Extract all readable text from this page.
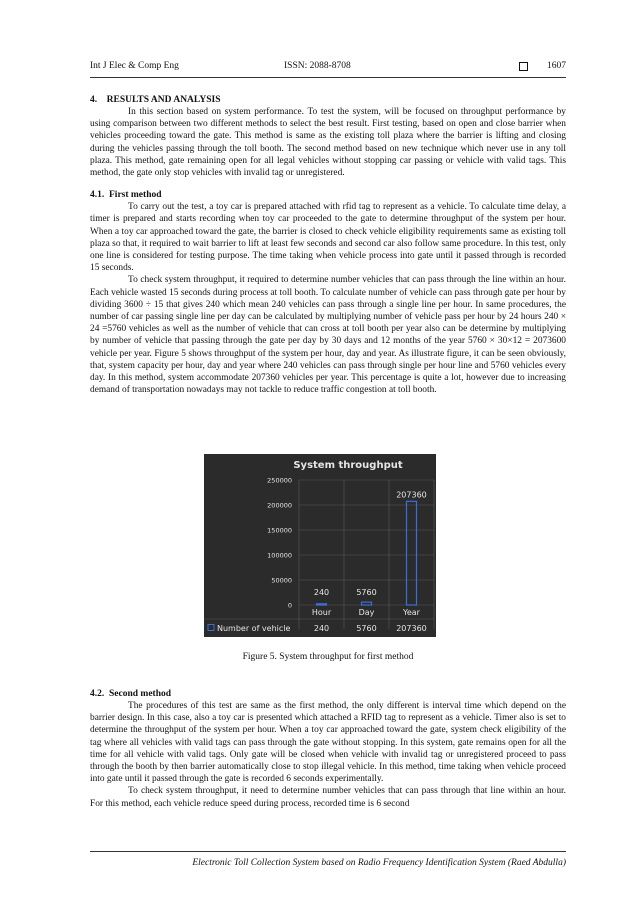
Int J Elec & Comp Eng	ISSN: 2088-8708	1607
4.    RESULTS AND ANALYSIS

In this section based on system performance. To test the system, will be focused on throughput performance by using comparison between two different methods to select the best result. First testing, based on open and close barrier when vehicles proceeding toward the gate. This method is same as the existing toll plaza where the barrier is lifting and closing during the vehicles passing through the toll booth. The second method based on new technique which never use in any toll plaza. This method, gate remaining open for all legal vehicles without stopping car passing or vehicle with valid tags. This method, the gate only stop vehicles with invalid tag or unregistered.

4.1.  First method

To carry out the test, a toy car is prepared attached with rfid tag to represent as a vehicle. To calculate time delay, a timer is prepared and starts recording when toy car proceeded to the gate to determine throughput of the system per hour. When a toy car approached toward the gate, the barrier is closed to check vehicle eligibility requirements same as existing toll plaza so that, it required to wait barrier to lift at least few seconds and second car also follow same procedure. In this test, only one line is considered for testing purpose. The time taking when vehicle process into gate until it passed through is recorded 15 seconds.

To check system throughput, it required to determine number vehicles that can pass through the line within an hour. Each vehicle wasted 15 seconds during process at toll booth. To calculate number of vehicle can pass through gate per hour by dividing 3600 ÷ 15 that gives 240 which mean 240 vehicles can pass through a single line per hour. In same procedures, the number of car passing single line per day can be calculated by multiplying number of vehicle pass per hour by 24 hours 240 × 24 =5760 vehicles as well as the number of vehicle that can cross at toll booth per year also can be determine by multiplying by number of vehicle that passing through the gate per day by 30 days and 12 months of the year 5760 × 30×12 = 2073600 vehicle per year. Figure 5 shows throughput of the system per hour, day and year. As illustrate figure, it can be seen obviously, that, system capacity per hour, day and year where 240 vehicles can pass through single per hour line and 5760 vehicles every day. In this method, system accommodate 207360 vehicles per year. This percentage is quite a lot, however due to increasing demand of transportation nowadays may not tackle to reduce traffic congestion at toll booth.

System throughput
0
50000
100000
150000
200000
250000
240
Hour
240
5760
Day
5760
207360
Year
207360
Number of vehicle
Figure 5. System throughput for first method
4.2.  Second method

The procedures of this test are same as the first method, the only different is interval time which depend on the barrier design. In this case, also a toy car is presented which attached a RFID tag to represent as a vehicle. Timer also is set to determine the throughput of the system per hour. When a toy car approached toward the gate, system check eligibility of the tag where all vehicles with valid tags can pass through the gate without stopping. In this system, gate remains open for all the time for all vehicle with valid tags. Only gate will be closed when vehicle with invalid tag or unregistered proceed to pass through the booth by then barrier automatically close to stop illegal vehicle. In this method, time taking when vehicle proceed into gate until it passed through the gate is recorded 6 seconds experimentally.

To check system throughput, it need to determine number vehicles that can pass through that line within an hour. For this method, each vehicle reduce speed during process, recorded time is 6 second

Electronic Toll Collection System based on Radio Frequency Identification System (Raed Abdulla)
